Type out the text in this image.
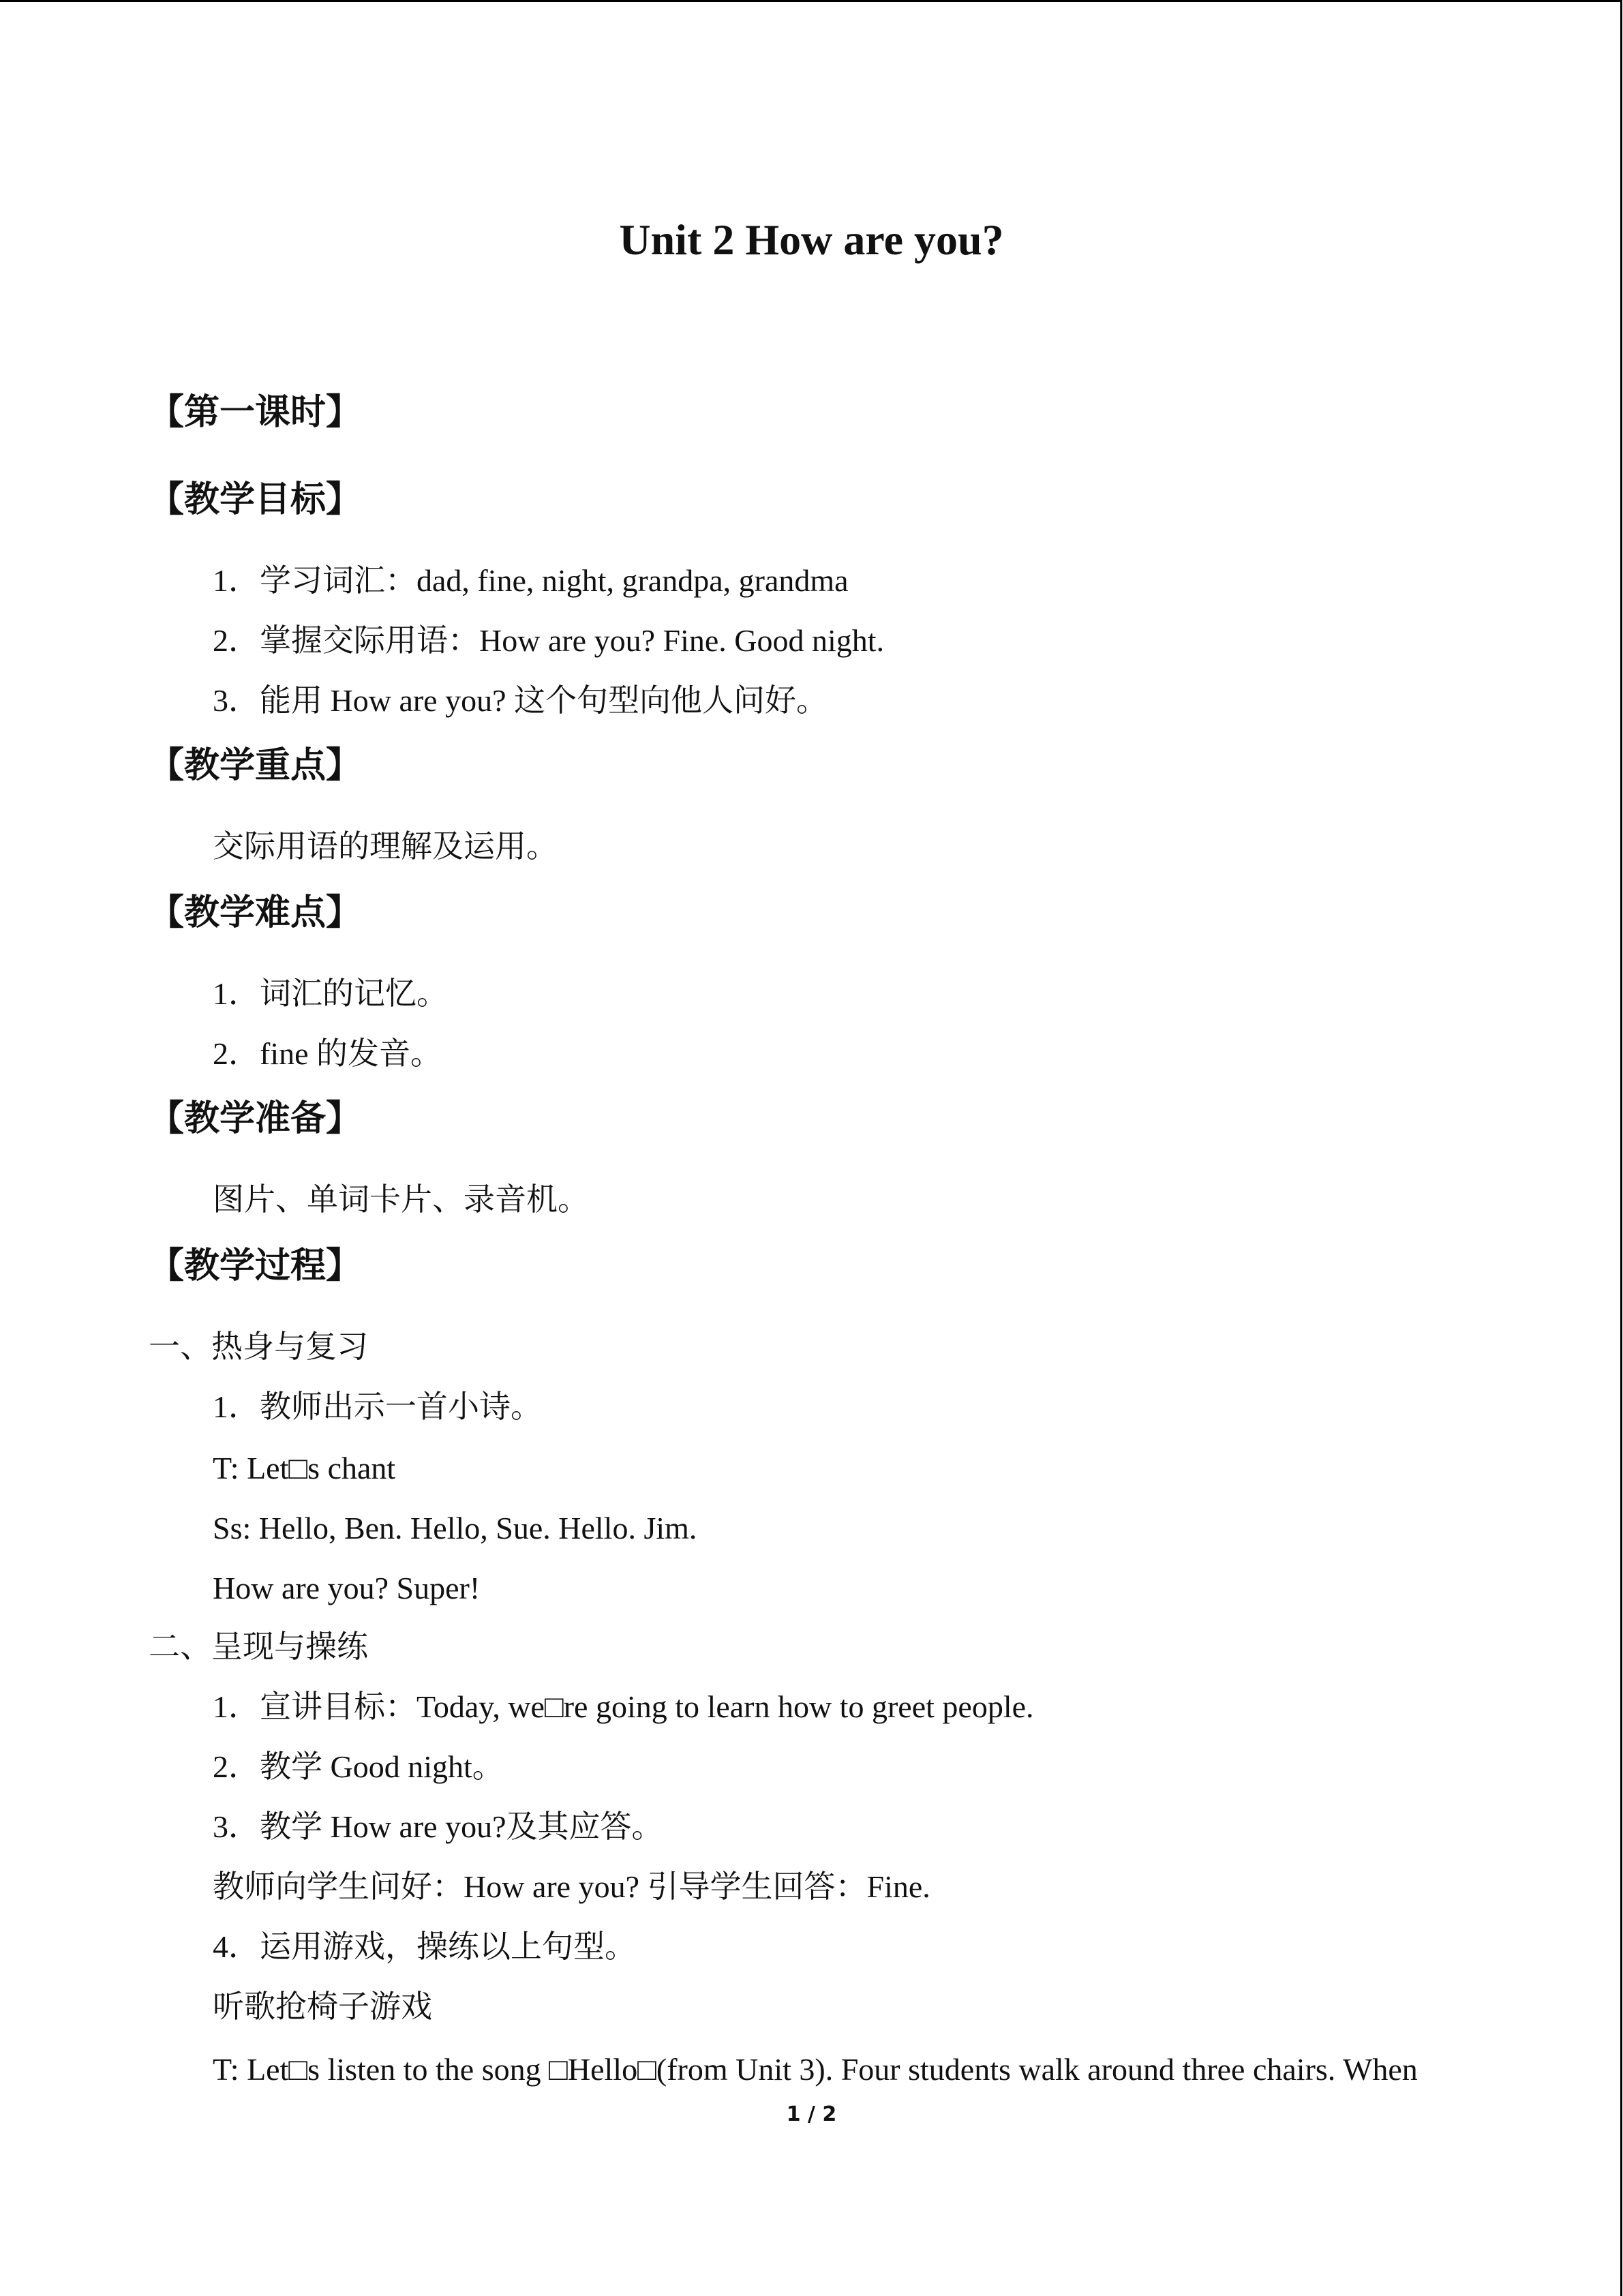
Unit 2 How are you?
【第一课时】
【教学目标】
1．学习词汇：dad, fine, night, grandpa, grandma
2．掌握交际用语：How are you? Fine. Good night.
3．能用 How are you? 这个句型向他人问好。
【教学重点】
交际用语的理解及运用。
【教学难点】
1．词汇的记忆。
2．fine 的发音。
【教学准备】
图片、单词卡片、录音机。
【教学过程】
一、热身与复习
1．教师出示一首小诗。
T: Let□s chant
Ss: Hello, Ben. Hello, Sue. Hello. Jim.
How are you? Super!
二、呈现与操练
1．宣讲目标：Today, we□re going to learn how to greet people.
2．教学 Good night。
3．教学 How are you?及其应答。
教师向学生问好：How are you? 引导学生回答：Fine.
4．运用游戏，操练以上句型。
听歌抢椅子游戏
T: Let□s listen to the song □Hello□(from Unit 3). Four students walk around three chairs. When
1 / 2
